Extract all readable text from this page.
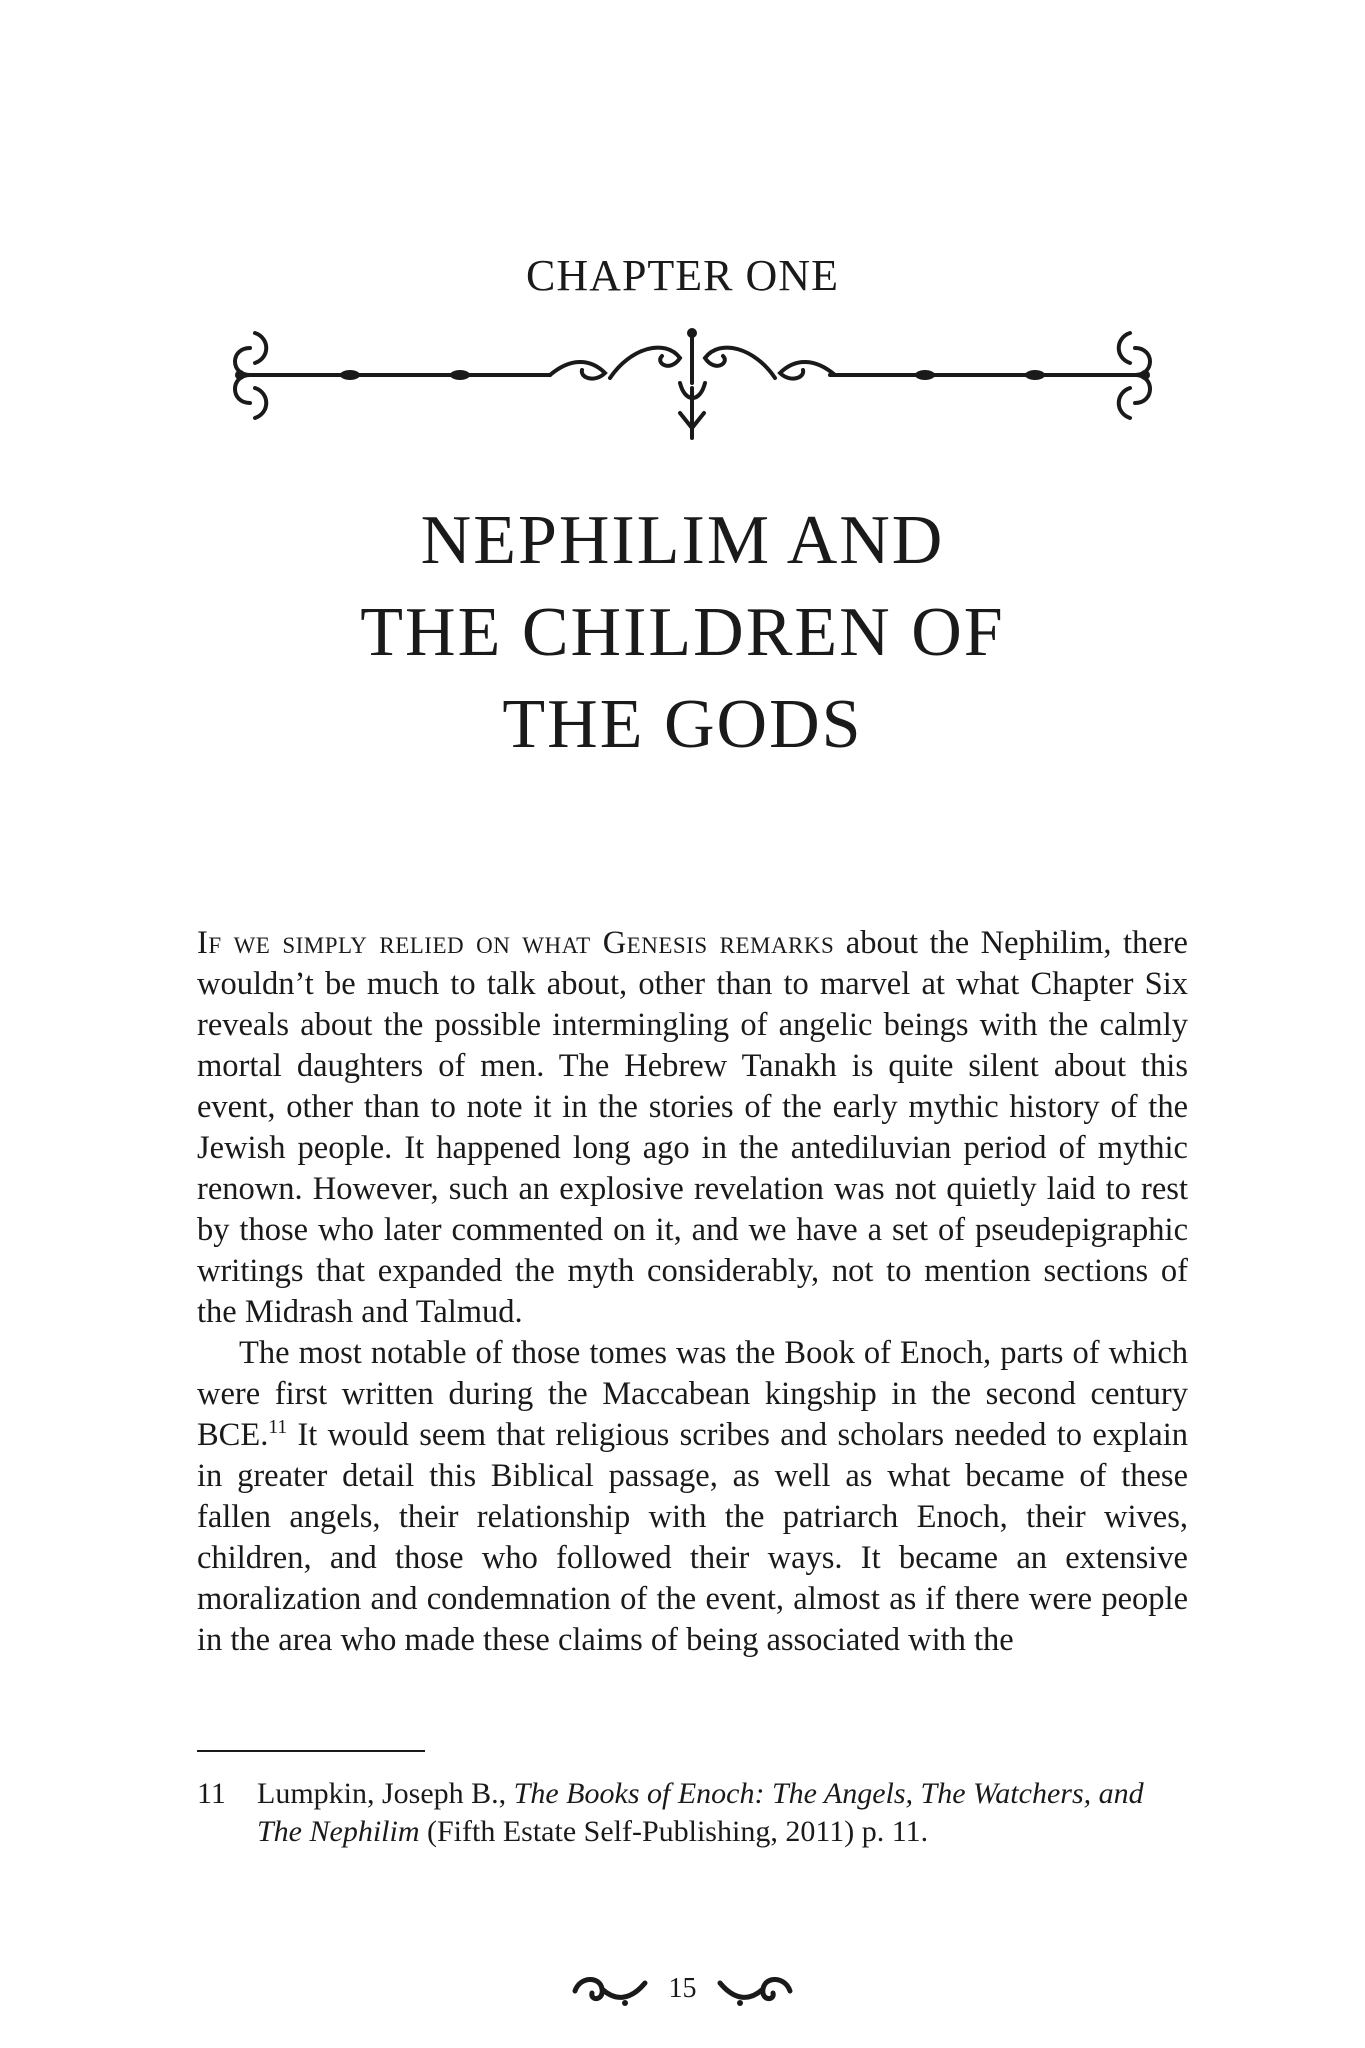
CHAPTER ONE
NEPHILIM AND
THE CHILDREN OF
THE GODS

If we simply relied on what Genesis remarks about the Nephilim, there wouldn’t be much to talk about, other than to marvel at what Chapter Six reveals about the possible intermingling of angelic beings with the calmly mortal daughters of men. The Hebrew Tanakh is quite silent about this event, other than to note it in the stories of the early mythic history of the Jewish people. It happened long ago in the antediluvian period of mythic renown. However, such an explosive revelation was not quietly laid to rest by those who later commented on it, and we have a set of pseudepigraphic writings that expanded the myth considerably, not to mention sections of the Midrash and Talmud.

The most notable of those tomes was the Book of Enoch, parts of which were first written during the Maccabean kingship in the second century BCE.$^{11}$ It would seem that religious scribes and scholars needed to explain in greater detail this Biblical passage, as well as what became of these fallen angels, their relationship with the patriarch Enoch, their wives, children, and those who followed their ways. It became an extensive moralization and condemnation of the event, almost as if there were people in the area who made these claims of being associated with the

11 Lumpkin, Joseph B., The Books of Enoch: The Angels, The Watchers, and The Nephilim (Fifth Estate Self-Publishing, 2011) p. 11.
15
